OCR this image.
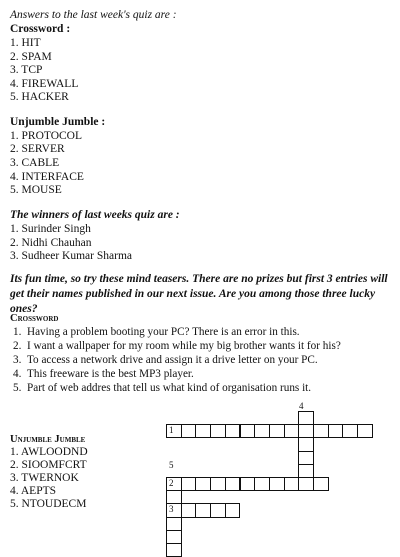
Answers to the last week's quiz are :
Crossword :
1. HIT
2. SPAM
3. TCP
4. FIREWALL
5. HACKER
Unjumble Jumble :
1. PROTOCOL
2. SERVER
3. CABLE
4. INTERFACE
5. MOUSE
The winners of last weeks quiz are :
1. Surinder Singh
2. Nidhi Chauhan
3. Sudheer Kumar Sharma
Its fun time, so try these mind teasers. There are no prizes but first 3 entries will get their names published in our next issue. Are you among those three lucky ones?
Crossword
1. Having a problem booting your PC? There is an error in this.
2. I want a wallpaper for my room while my big brother wants it for his?
3. To access a network drive and assign it a drive letter on your PC.
4. This freeware is the best MP3 player.
5. Part of web addres that tell us what kind of organisation runs it.
Unjumble Jumble
1. AWLOODND
2. SIOOMFCRT
3. TWERNOK
4. AEPTS
5. NTOUDECM
1
2
3
4
5
